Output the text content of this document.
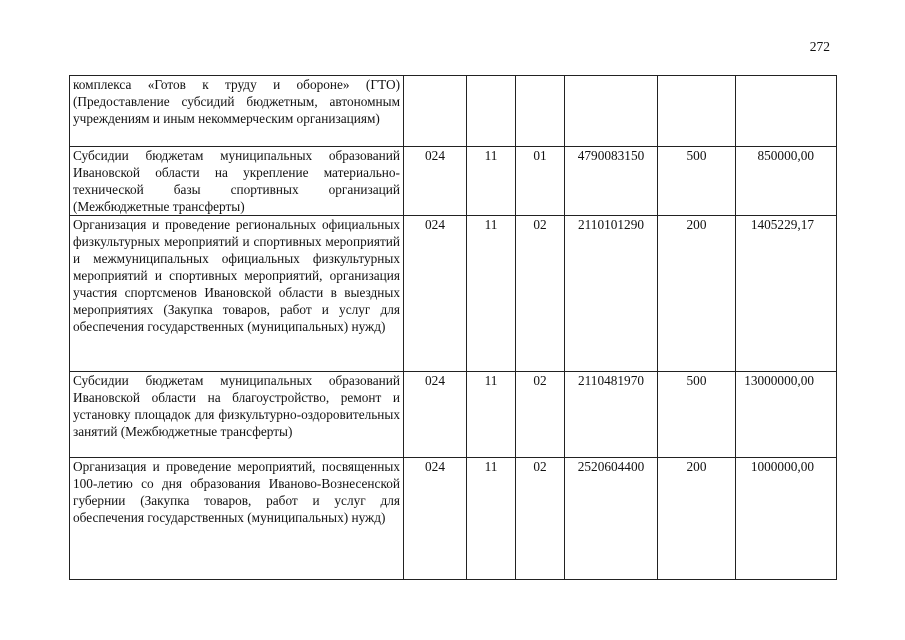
272
комплекса «Готов к труду и обороне» (ГТО) (Предоставление субсидий бюджетным, автономным учреждениям и иным некоммерческим организациям)						
Субсидии бюджетам муниципальных образований Ивановской области на укрепление материально-технической базы спортивных организаций (Межбюджетные трансферты)	024	11	01	4790083150	500	850000,00
Организация и проведение региональных официальных физкультурных мероприятий и спортивных мероприятий и межмуниципальных официальных физкультурных мероприятий и спортивных мероприятий, организация участия спортсменов Ивановской области в выездных мероприятиях (Закупка товаров, работ и услуг для обеспечения государственных (муниципальных) нужд)	024	11	02	2110101290	200	1405229,17
Субсидии бюджетам муниципальных образований Ивановской области на благоустройство, ремонт и установку площадок для физкультурно-оздоровительных занятий (Межбюджетные трансферты)	024	11	02	2110481970	500	13000000,00
Организация и проведение мероприятий, посвященных 100-летию со дня образования Иваново-Вознесенской губернии (Закупка товаров, работ и услуг для обеспечения государственных (муниципальных) нужд)	024	11	02	2520604400	200	1000000,00
